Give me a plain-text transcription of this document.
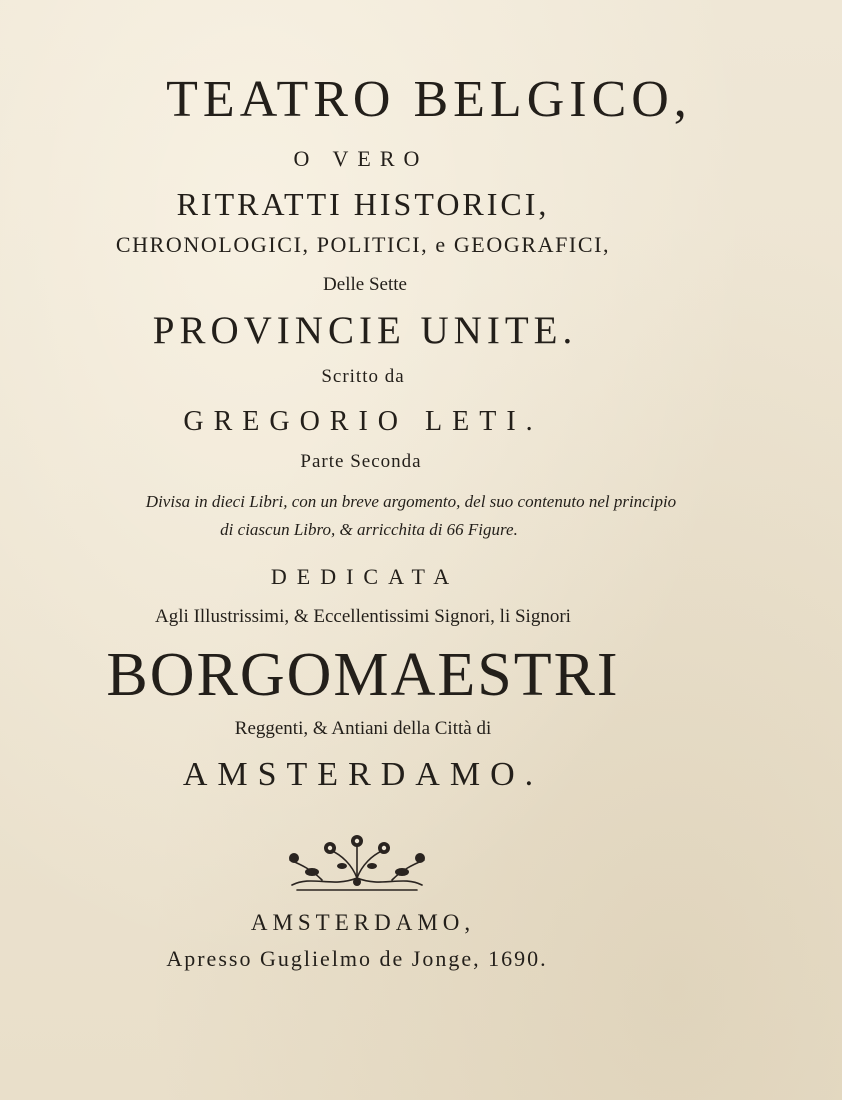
TEATRO BELGICO,
O VERO
RITRATTI HISTORICI,
CHRONOLOGICI, POLITICI, e GEOGRAFICI,
Delle Sette
PROVINCIE UNITE.
Scritto da
GREGORIO LETI.
Parte Seconda
Divisa in dieci Libri, con un breve argomento, del suo contenuto nel principio
di ciascun Libro, & arricchita di 66 Figure.
DEDICATA
Agli Illustrissimi, & Eccellentissimi Signori, li Signori
BORGOMAESTRI
Reggenti, & Antiani della Città di
AMSTERDAMO.
AMSTERDAMO,
Apresso Guglielmo de Jonge, 1690.
